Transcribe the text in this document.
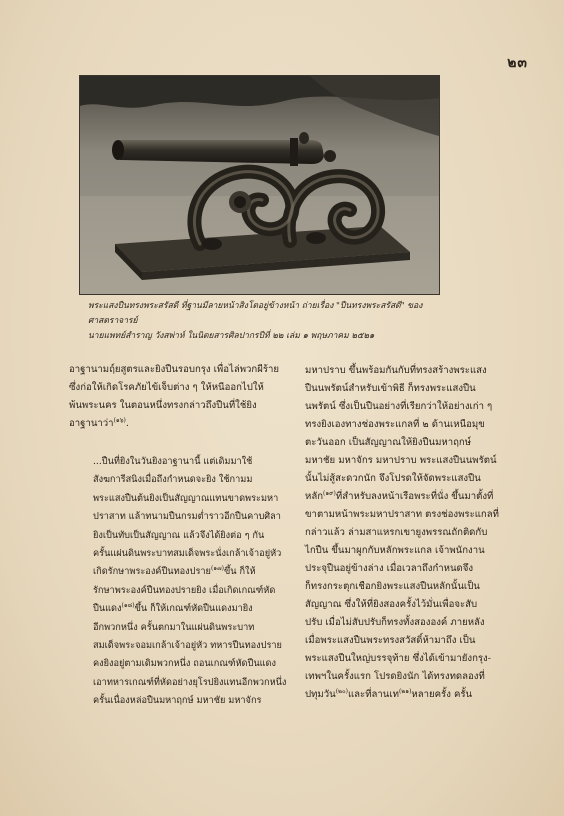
๒๓

พระแสงปืนทรงพระสรัสดี ที่ฐานมีลายหน้าสิงโตอยู่ข้างหน้า ถ่ายเรื่อง "ปืนทรงพระสรัสดี" ของ ศาสตราจารย์

นายแพทย์สำราญ วังสพ่าห์ ในนิตยสารศิลปากรปีที่ ๒๒ เล่ม ๑ พฤษภาคม ๒๕๒๑

อาฐานามฤ์ยสูตรและยิงปืนรอบกรุง เพื่อไล่พวกผีร้าย

ซึ่งก่อให้เกิดโรคภัยไข้เจ็บต่าง ๆ ให้หนีออกไปให้

พ้นพระนคร ในตอนหนึ่งทรงกล่าวถึงปืนที่ใช้ยิง

อาฐานาว่า$^{(๑๖)}$.

...ปืนที่ยิงในวันยิงอาฐานานี้ แต่เดิมมาใช้

สังฆการีสนิงเมื่อถึงกำหนดจะยิง ใช้กามม

พระแสงปืนต้นยิงเป็นสัญญาณแทนขาดพระมหา

ปราสาท แล้าทนามปืนกรมต่ำราวอีกปืนคาบศิลา

ยิงเป็นทับเป็นสัญญาณ แล้วจึงได้ยิงต่อ ๆ กัน

ครั้นแผ่นดินพระบาทสมเด็จพระนั่งเกล้าเจ้าอยู่หัว

เกิดรักษาพระองค์ปืนทองปราย$^{(๑๗)}$ขึ้น ก็ให้

รักษาพระองค์ปืนทองปรายยิง เมื่อเกิดเกณฑ์หัด

ปืนแดง$^{(๑๘)}$ขึ้น ก็ให้เกณฑ์หัดปืนแดงมายิง

อีกพวกหนึ่ง ครั้นตกมาในแผ่นดินพระบาท

สมเด็จพระจอมเกล้าเจ้าอยู่หัว ทหารปืนทองปราย

คงยิงอยู่ตามเดิมพวกหนึ่ง ถอนเกณฑ์หัดปืนแดง

เอาทหารเกณฑ์ที่หัดอย่างยุโรปยิงแทนอีกพวกหนึ่ง

ครั้นเนื่องหล่อปืนมหาฤกษ์ มหาชัย มหาจักร

มหาปราบ ขึ้นพร้อมกันกับที่ทรงสร้างพระแสง

ปืนนพรัตน์สำหรับเข้าพิธี ก็ทรงพระแสงปืน

นพรัตน์ ซึ่งเป็นปืนอย่างที่เรียกว่าให้อย่างเก่า ๆ

ทรงยิงเองทางช่องพระแกลที่ ๒ ด้านเหนือมุข

ตะวันออก เป็นสัญญาณให้ยิงปืนมหาฤกษ์

มหาชัย มหาจักร มหาปราบ พระแสงปืนนพรัตน์

นั้นไม่สู้สะดวกนัก จึงโปรดให้จัดพระแสงปืน

หลัก$^{(๑๙)}$ที่สำหรับลงหน้าเรือพระที่นั่ง ขึ้นมาตั้งที่

ขาตามหน้าพระมหาปราสาท ตรงช่องพระแกลที่

กล่าวแล้ว ล่ามสาแหรกเขายูงพรรณถักติดกับ

ไกปืน ขึ้นมาผูกกับหลักพระแกล เจ้าพนักงาน

ประจุปืนอยู่ข้างล่าง เมื่อเวลาถึงกำหนดจึง

ก็ทรงกระตุกเชือกยิงพระแสงปืนหลักนั้นเป็น

สัญญาณ ซึ่งให้ที่ยิงสองครั้งไว้มั่นเพื่อจะสับ

ปรับ เมื่อไม่สับปรับก็ทรงทั้งสององค์ ภายหลัง

เมื่อพระแสงปืนพระทรงสวัสดิ์ห้ามาถึง เป็น

พระแสงปืนใหญ่บรรจุท้าย ซึ่งได้เข้ามายังกรุง-

เทพฯในครั้งแรก โปรดยิงนัก ได้ทรงทดลองที่

ปทุมวัน$^{(๒๐)}$และที่ลานเท$^{(๒๑)}$หลายครั้ง ครั้น
